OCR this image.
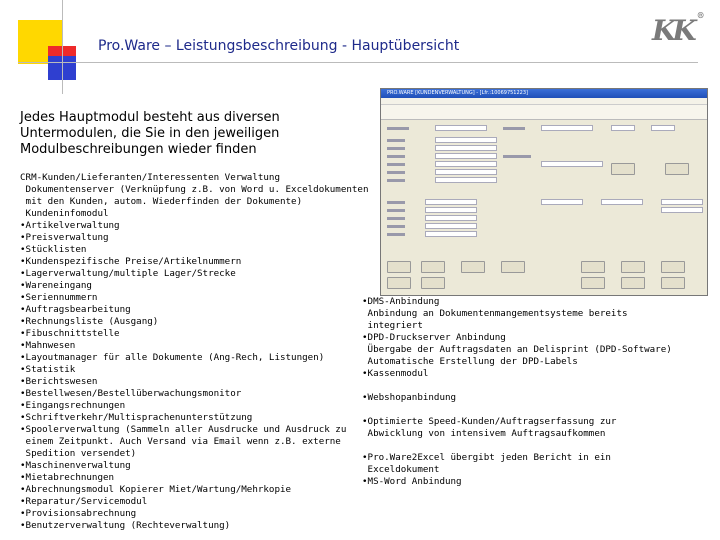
Pro.Ware – Leistungsbeschreibung - Hauptübersicht	KK ®
Jedes Hauptmodul besteht aus diversen Untermodulen, die Sie in den jeweiligen Modulbeschreibungen wieder finden
CRM-Kunden/Lieferanten/Interessenten Verwaltung
Dokumentenserver (Verknüpfung z.B. von Word u. Exceldokumenten
mit den Kunden, autom. Wiederfinden der Dokumente)
Kundeninfomodul
•Artikelverwaltung
•Preisverwaltung
•Stücklisten
•Kundenspezifische Preise/Artikelnummern
•Lagerverwaltung/multiple Lager/Strecke
•Wareneingang
•Seriennummern
•Auftragsbearbeitung
•Rechnungsliste (Ausgang)
•Fibuschnittstelle
•Mahnwesen
•Layoutmanager für alle Dokumente (Ang-Rech, Listungen)
•Statistik
•Berichtswesen
•Bestellwesen/Bestellüberwachungsmonitor
•Eingangsrechnungen
•Schriftverkehr/Multisprachenunterstützung
•Spoolerverwaltung (Sammeln aller Ausdrucke und Ausdruck zu
einem Zeitpunkt. Auch Versand via Email wenn z.B. externe
Spedition versendet)
•Maschinenverwaltung
•Mietabrechnungen
•Abrechnungsmodul Kopierer Miet/Wartung/Mehrkopie
•Reparatur/Servicemodul
•Provisionsabrechnung
•Benutzerverwaltung (Rechteverwaltung)
•DMS-Anbindung
Anbindung an Dokumentenmangementsysteme bereits
integriert
•DPD-Druckserver Anbindung
Übergabe der Auftragsdaten an Delisprint (DPD-Software)
Automatische Erstellung der DPD-Labels
•Kassenmodul

•Webshopanbindung

•Optimierte Speed-Kunden/Auftragserfassung zur
Abwicklung von intensivem Auftragsaufkommen

•Pro.Ware2Excel übergibt jeden Bericht in ein
Exceldokument
•MS-Word Anbindung
PRO.WARE [KUNDENVERWALTUNG] - [Lfr.:10069751223]
